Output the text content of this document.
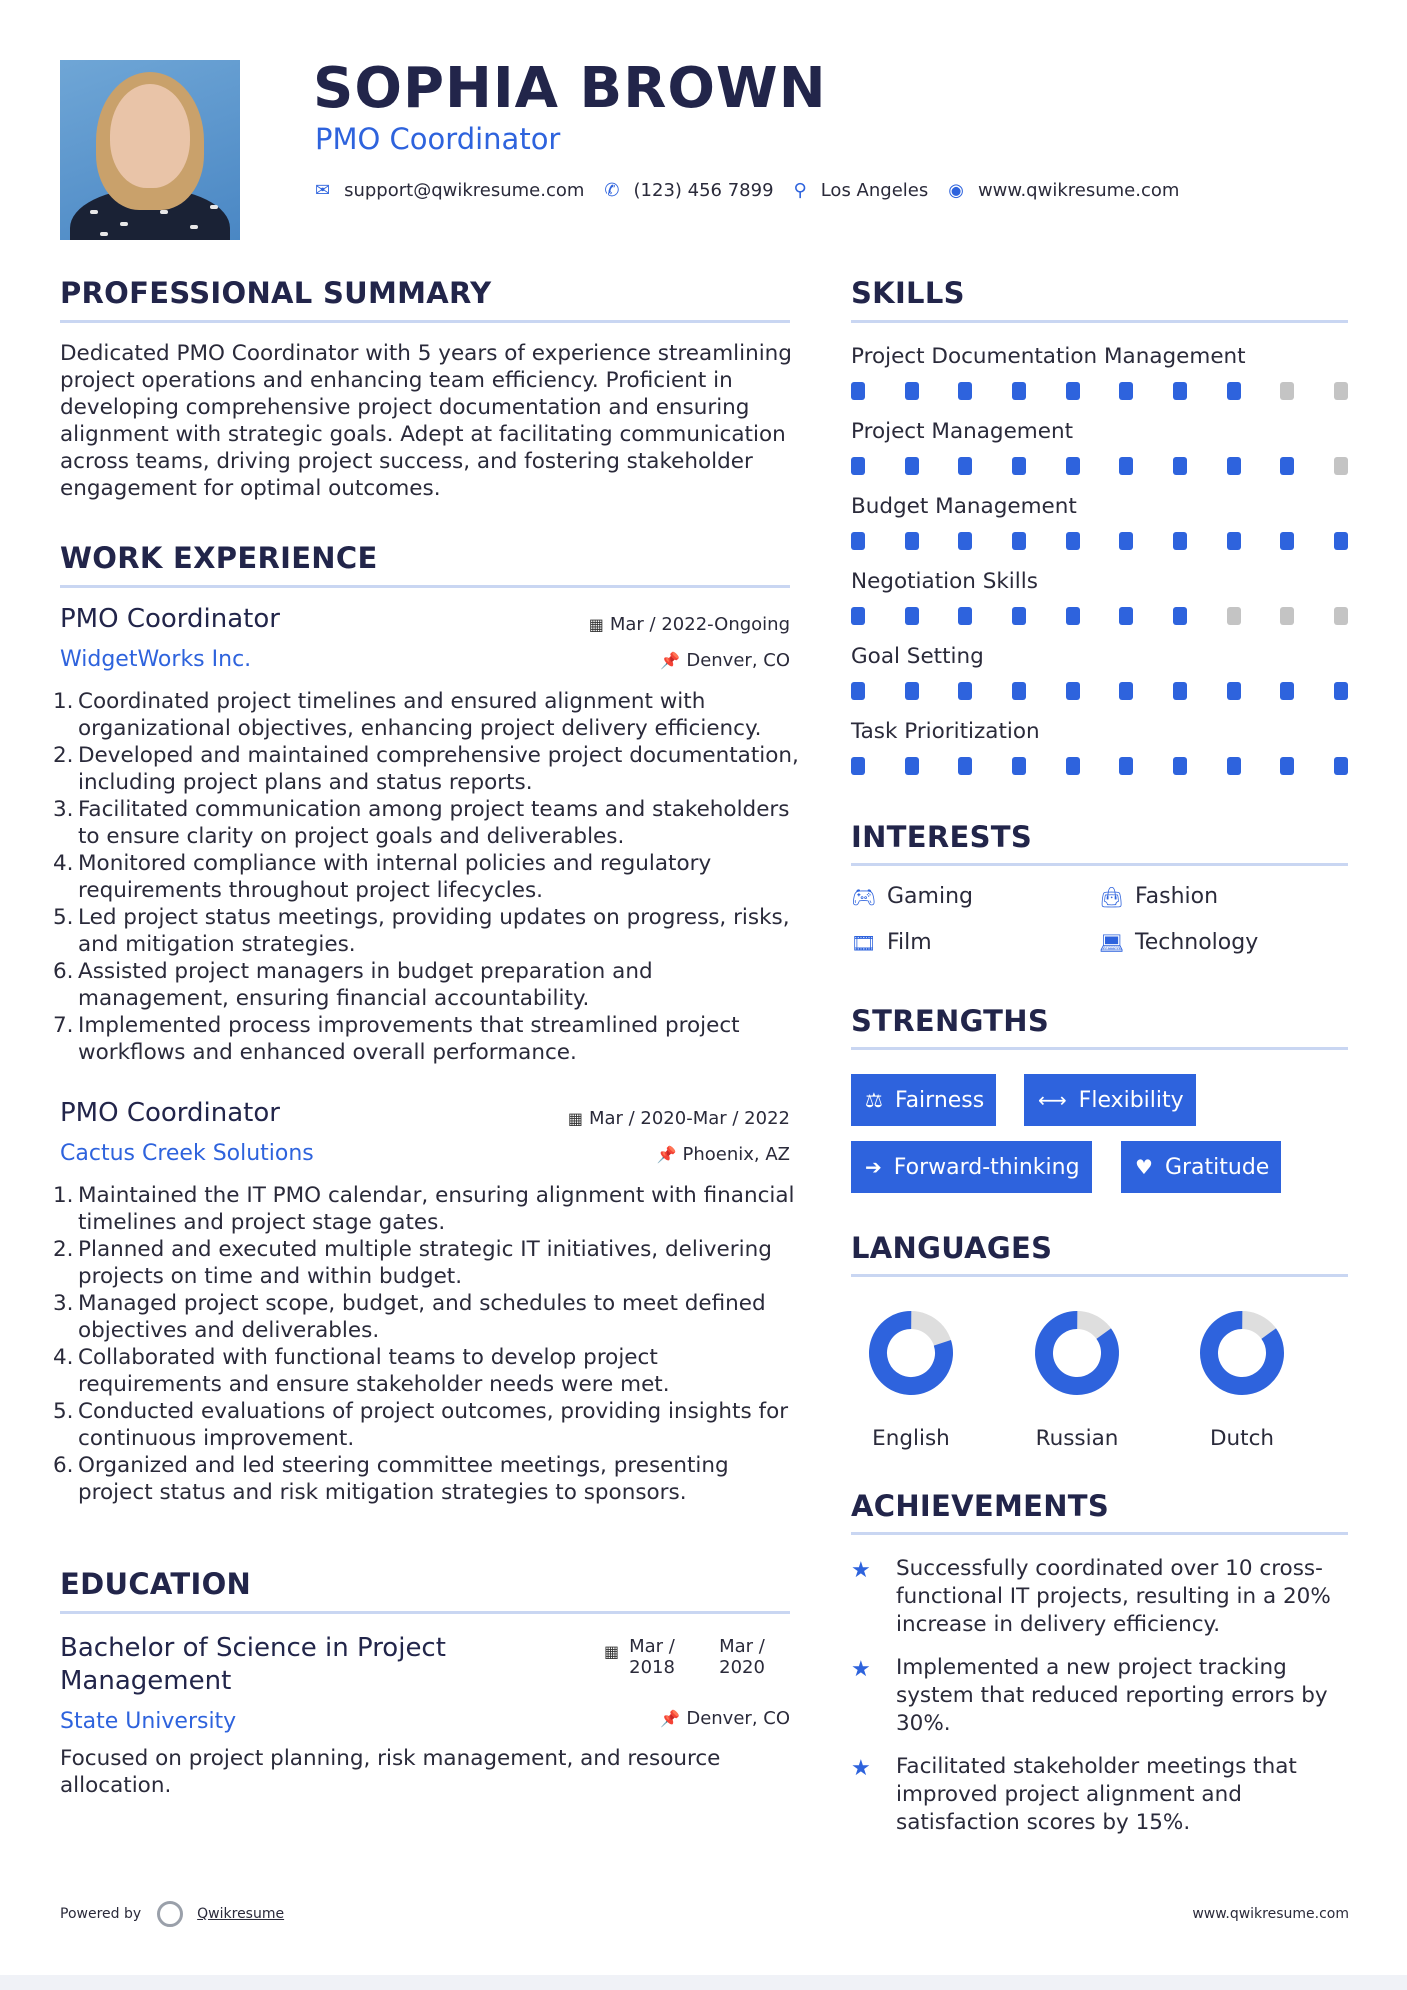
SOPHIA BROWN
PMO Coordinator
✉ support@qwikresume.com ✆ (123) 456 7899 ⚲ Los Angeles ◉ www.qwikresume.com
PROFESSIONAL SUMMARY
Dedicated PMO Coordinator with 5 years of experience streamlining project operations and enhancing team efficiency. Proficient in developing comprehensive project documentation and ensuring alignment with strategic goals. Adept at facilitating communication across teams, driving project success, and fostering stakeholder engagement for optimal outcomes.
WORK EXPERIENCE
PMO Coordinator
WidgetWorks Inc.
▦ Mar / 2022-Ongoing
📌 Denver, CO
1. Coordinated project timelines and ensured alignment with organizational objectives, enhancing project delivery efficiency.
2. Developed and maintained comprehensive project documentation, including project plans and status reports.
3. Facilitated communication among project teams and stakeholders to ensure clarity on project goals and deliverables.
4. Monitored compliance with internal policies and regulatory requirements throughout project lifecycles.
5. Led project status meetings, providing updates on progress, risks, and mitigation strategies.
6. Assisted project managers in budget preparation and management, ensuring financial accountability.
7. Implemented process improvements that streamlined project workflows and enhanced overall performance.
PMO Coordinator
Cactus Creek Solutions
▦ Mar / 2020-Mar / 2022
📌 Phoenix, AZ
1. Maintained the IT PMO calendar, ensuring alignment with financial timelines and project stage gates.
2. Planned and executed multiple strategic IT initiatives, delivering projects on time and within budget.
3. Managed project scope, budget, and schedules to meet defined objectives and deliverables.
4. Collaborated with functional teams to develop project requirements and ensure stakeholder needs were met.
5. Conducted evaluations of project outcomes, providing insights for continuous improvement.
6. Organized and led steering committee meetings, presenting project status and risk mitigation strategies to sponsors.
EDUCATION
Bachelor of Science in Project
Management
State University
▦ Mar / 2018
Mar / 2020
📌 Denver, CO
Focused on project planning, risk management, and resource allocation.
SKILLS
Project Documentation Management
Project Management
Budget Management
Negotiation Skills
Goal Setting
Task Prioritization
INTERESTS
🎮︎ Gaming	👜︎ Fashion
🎞︎ Film	💻︎ Technology
STRENGTHS
⚖ Fairness	⟷ Flexibility
➔ Forward-thinking	♥ Gratitude
LANGUAGES
English	Russian	Dutch
ACHIEVEMENTS
★	Successfully coordinated over 10 cross-functional IT projects, resulting in a 20% increase in delivery efficiency.
★	Implemented a new project tracking system that reduced reporting errors by 30%.
★	Facilitated stakeholder meetings that improved project alignment and satisfaction scores by 15%.
Powered by	Qwikresume	www.qwikresume.com
